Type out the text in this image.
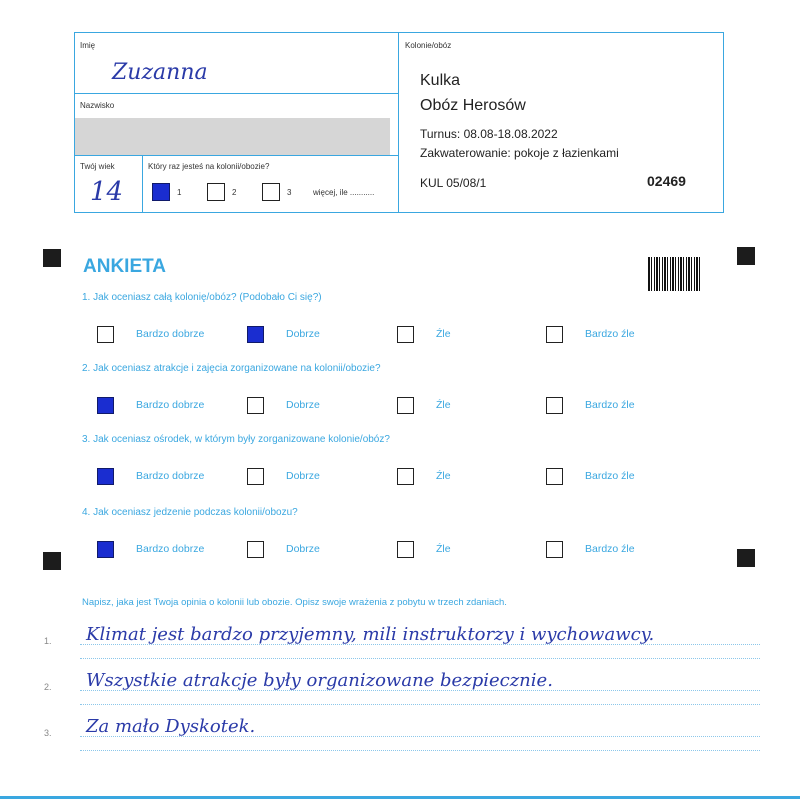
Imię
Zuzanna
Nazwisko
Twój wiek
14
Który raz jesteś na kolonii/obozie?
1	2	3	więcej, ile ...........
Kolonie/obóz
Kulka
Obóz Herosów
Turnus: 08.08-18.08.2022
Zakwaterowanie: pokoje z łazienkami
KUL 05/08/1	02469
ANKIETA
1. Jak oceniasz całą kolonię/obóz? (Podobało Ci się?)
Bardzo dobrze	Dobrze	Źle	Bardzo źle
2. Jak oceniasz atrakcje i zajęcia zorganizowane na kolonii/obozie?
Bardzo dobrze	Dobrze	Źle	Bardzo źle
3. Jak oceniasz ośrodek, w którym były zorganizowane kolonie/obóz?
Bardzo dobrze	Dobrze	Źle	Bardzo źle
4. Jak oceniasz jedzenie podczas kolonii/obozu?
Bardzo dobrze	Dobrze	Źle	Bardzo źle
Napisz, jaka jest Twoja opinia o kolonii lub obozie. Opisz swoje wrażenia z pobytu w trzech zdaniach.
1. Klimat jest bardzo przyjemny, mili instruktorzy i wychowawcy.
2. Wszystkie atrakcje były organizowane bezpiecznie.
3. Za mało Dyskotek.
